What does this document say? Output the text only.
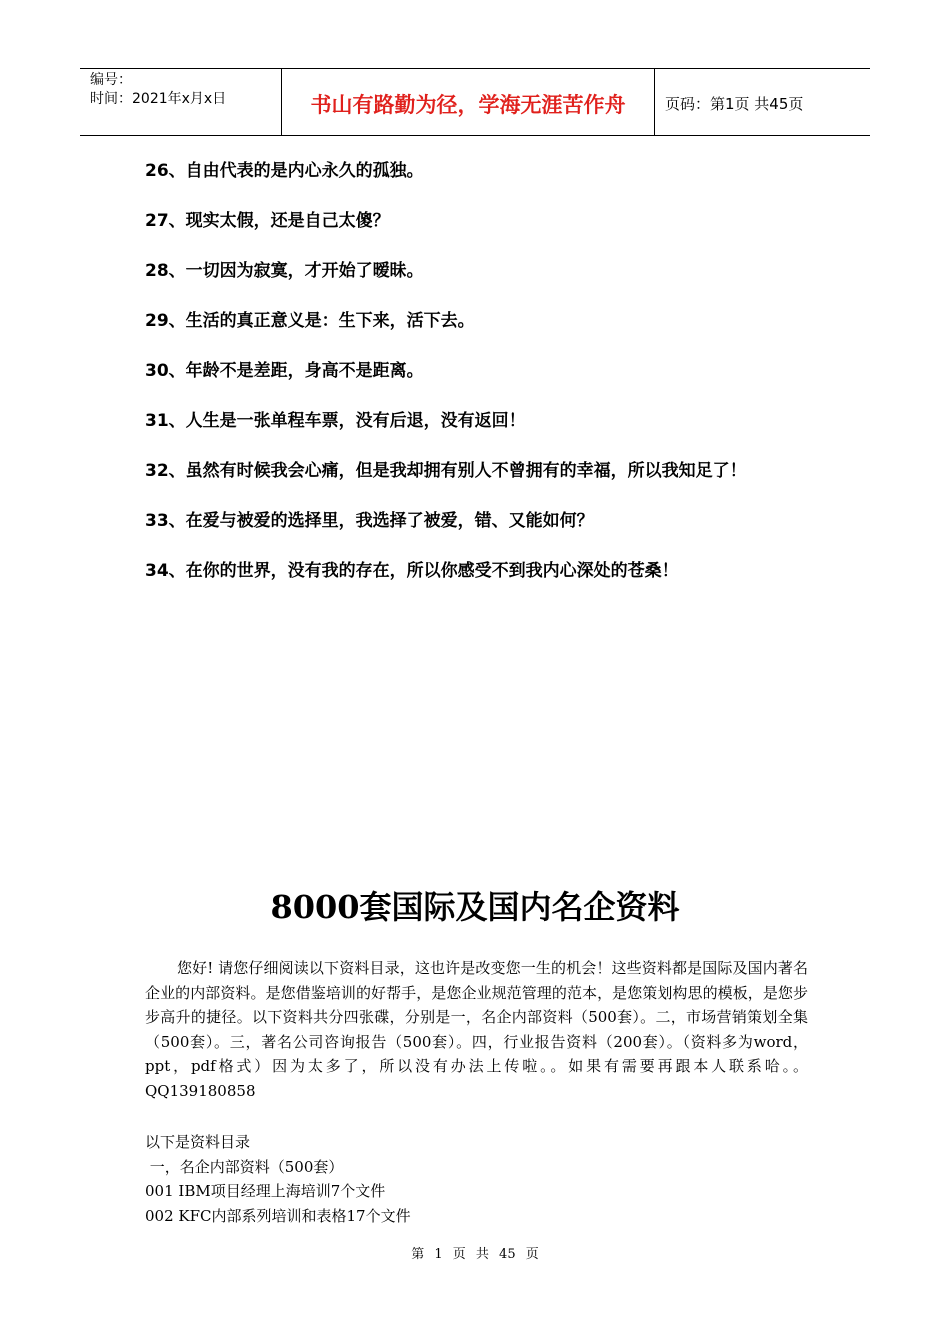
编号：
时间：2021年x月x日	书山有路勤为径，学海无涯苦作舟	页码：第1页 共45页
26、自由代表的是内心永久的孤独。
27、现实太假，还是自己太傻？
28、一切因为寂寞，才开始了暧昧。
29、生活的真正意义是：生下来，活下去。
30、年龄不是差距，身高不是距离。
31、人生是一张单程车票，没有后退，没有返回！
32、虽然有时候我会心痛，但是我却拥有别人不曾拥有的幸福，所以我知足了！
33、在爱与被爱的选择里，我选择了被爱，错、又能如何？
34、在你的世界，没有我的存在，所以你感受不到我内心深处的苍桑！
8000套国际及国内名企资料

您好! 请您仔细阅读以下资料目录，这也许是改变您一生的机会！这些资料都是国际及国内著名企业的内部资料。是您借鉴培训的好帮手，是您企业规范管理的范本，是您策划构思的模板，是您步步高升的捷径。以下资料共分四张碟，分别是一，名企内部资料（500套）。二，市场营销策划全集（500套）。三，著名公司咨询报告（500套）。四，行业报告资料（200套）。（资料多为word，ppt，pdf格式）因为太多了，所以没有办法上传啦。。如果有需要再跟本人联系哈。。QQ139180858

以下是资料目录
一，名企内部资料（500套）
001 IBM项目经理上海培训7个文件
002 KFC内部系列培训和表格17个文件
第 1 页 共 45 页
